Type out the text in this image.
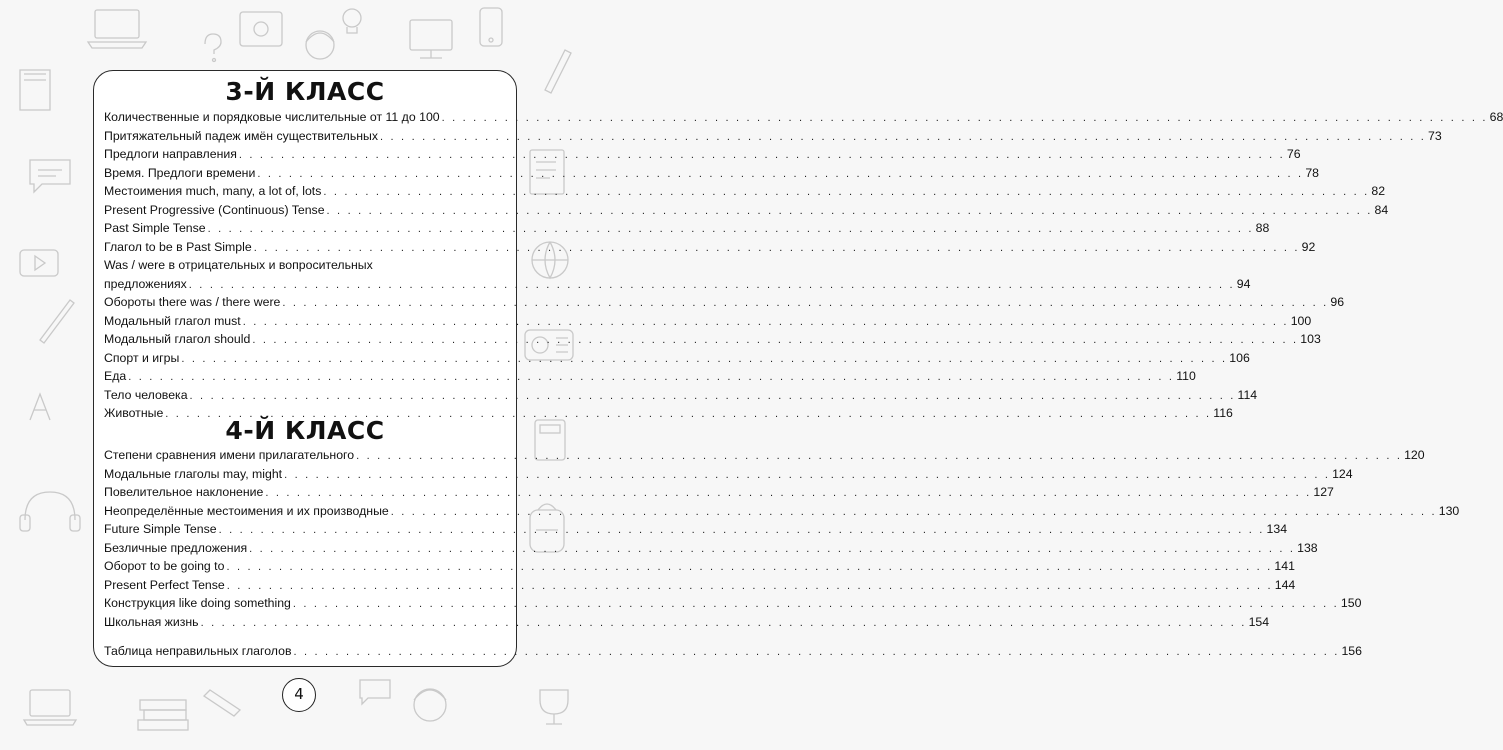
3-Й КЛАСС
Количественные и порядковые числительные от 11 до 100 . . .	68
Притяжательный падеж имён существительных . . .	73
Предлоги направления . . .	76
Время. Предлоги времени . . .	78
Местоимения much, many, a lot of, lots . . .	82
Present Progressive (Continuous) Tense . . .	84
Past Simple Tense . . .	88
Глагол to be в Past Simple . . .	92
Was / were в отрицательных и вопросительных
предложениях . . .	94
Обороты there was / there were . . .	96
Модальный глагол must . . .	100
Модальный глагол should . . .	103
Спорт и игры . . .	106
Еда . . .	110
Тело человека . . .	114
Животные . . .	116
4-Й КЛАСС
Степени сравнения имени прилагательного . . .	120
Модальные глаголы may, might . . .	124
Повелительное наклонение . . .	127
Неопределённые местоимения и их производные . . .	130
Future Simple Tense . . .	134
Безличные предложения . . .	138
Оборот to be going to . . .	141
Present Perfect Tense . . .	144
Конструкция like doing something . . .	150
Школьная жизнь . . .	154
Таблица неправильных глаголов . . .	156
4
